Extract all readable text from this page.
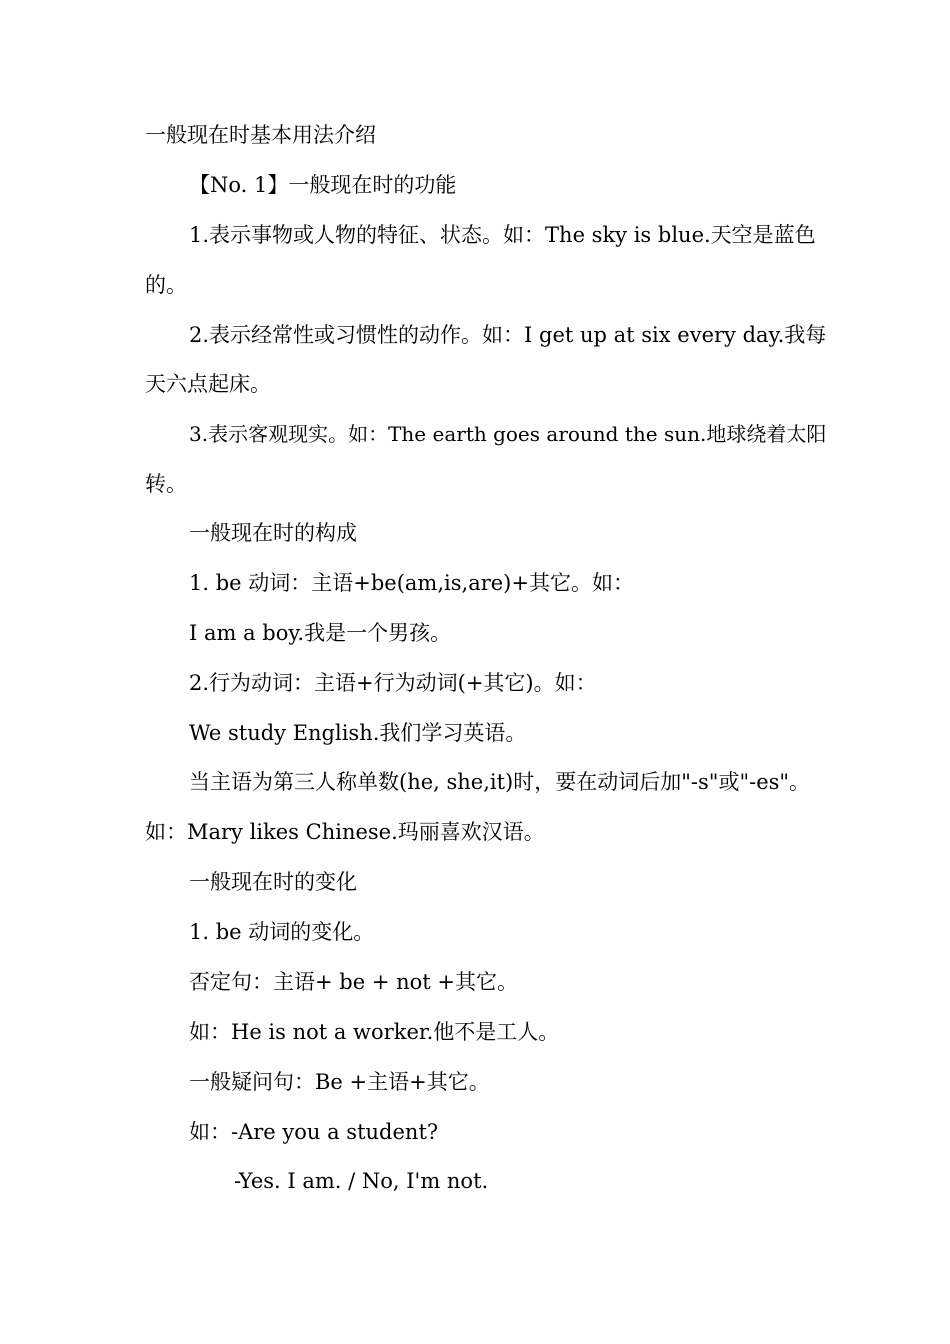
一般现在时基本用法介绍

【No. 1】一般现在时的功能

1.表示事物或人物的特征、状态。如：The sky is blue.天空是蓝色

的。

2.表示经常性或习惯性的动作。如：I get up at six every day.我每

天六点起床。

3.表示客观现实。如：The earth goes around the sun.地球绕着太阳

转。

一般现在时的构成

1. be 动词：主语+be(am,is,are)+其它。如：

I am a boy.我是一个男孩。

2.行为动词：主语+行为动词(+其它)。如：

We study English.我们学习英语。

当主语为第三人称单数(he, she,it)时，要在动词后加"-s"或"-es"。

如：Mary likes Chinese.玛丽喜欢汉语。

一般现在时的变化

1. be 动词的变化。

否定句：主语+ be + not +其它。

如：He is not a worker.他不是工人。

一般疑问句：Be +主语+其它。

如：-Are you a student?

-Yes. I am. / No, I'm not.
